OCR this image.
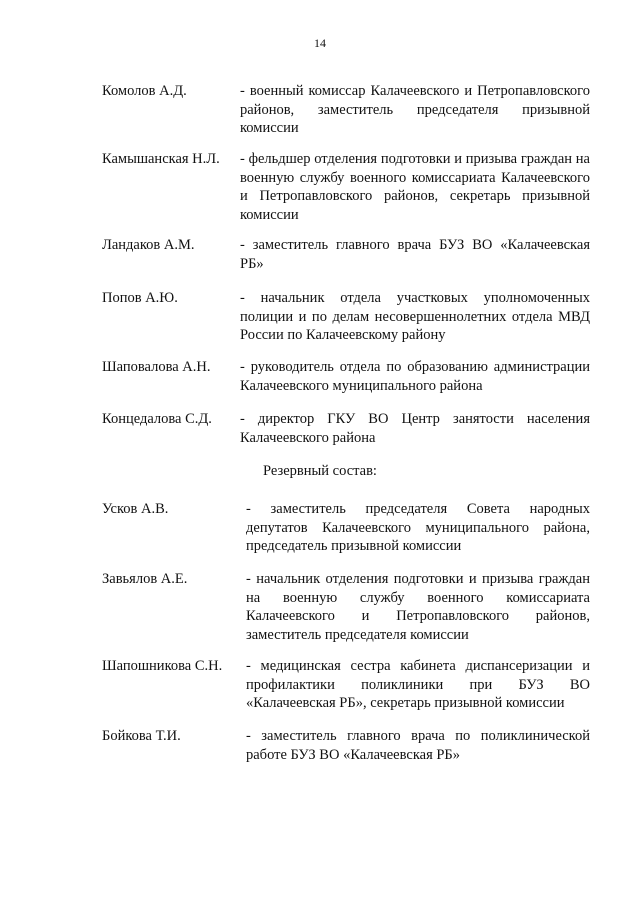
14
Комолов А.Д.	- военный комиссар Калачеевского и Петропавловского районов, заместитель председателя призывной комиссии
Камышанская Н.Л. - фельдшер отделения подготовки и призыва граждан на военную службу военного комиссариата Калачеевского и Петропавловского районов, секретарь призывной комиссии
Ландаков А.М.	- заместитель главного врача БУЗ ВО «Калачеевская РБ»
Попов А.Ю.	- начальник отдела участковых уполномоченных полиции и по делам несовершеннолетних отдела МВД России по Калачеевскому району
Шаповалова А.Н. - руководитель отдела по образованию администрации Калачеевского муниципального района
Концедалова С.Д. - директор ГКУ ВО Центр занятости населения Калачеевского района
Резервный состав:
Усков А.В.	- заместитель председателя Совета народных депутатов Калачеевского муниципального района, председатель призывной комиссии
Завьялов А.Е.	- начальник отделения подготовки и призыва граждан на военную службу военного комиссариата Калачеевского и Петропавловского районов, заместитель председателя комиссии
Шапошникова С.Н. - медицинская сестра кабинета диспансеризации и профилактики поликлиники при БУЗ ВО «Калачеевская РБ», секретарь призывной комиссии
Бойкова Т.И.	- заместитель главного врача по поликлинической работе БУЗ ВО «Калачеевская РБ»
